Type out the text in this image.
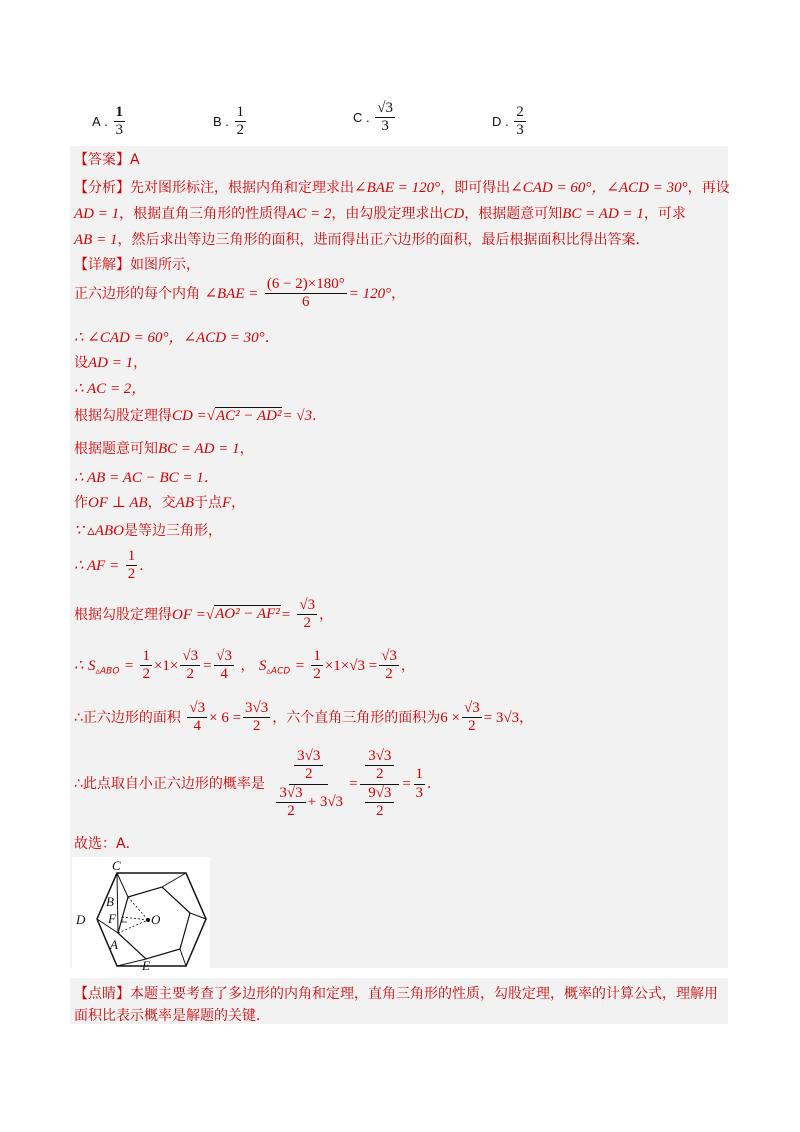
A
.
$\frac{1}{3}$	B
.
$\frac{1}{2}$	C
.
$\frac{√3}{3}$	D
.
$\frac{2}{3}$
【答案】A
【分析】先对图形标注，根据内角和定理求出∠BAE = 120°，即可得出∠CAD = 60°，∠ACD = 30°，再设
AD = 1，根据直角三角形的性质得AC = 2，由勾股定理求出CD，根据题意可知BC = AD = 1，可求
AB = 1，然后求出等边三角形的面积，进而得出正六边形的面积，最后根据面积比得出答案．
【详解】如图所示，
正六边形的每个内角 ∠BAE = $\frac{(6 - 2)\times 180^\circ}{6} = 120^\circ$，
∴ ∠CAD = 60°，∠ACD = 30°．
设AD = 1，
∴ AC = 2，
根据勾股定理得CD = √ AC² − AD² = √3．
根据题意可知BC = AD = 1，
∴ AB = AC − BC = 1．
作OF ⊥ AB，交AB于点F，
∵ ▵ABO是等边三角形，
∴ AF = $\frac{1}{2}$ ．
根据勾股定理得OF = √ $AO^2 - AF^2 = \frac{√3}{2}$ ，
∴ $S_{▵ABO} = \frac{1}{2} \times 1\times \frac{√3}{2} = \frac{√3}{4}$ ， $S_{▵ACD} = \frac{1}{2} \times 1\times√3 = \frac{√3}{2}$ ，
∴正六边形的面积 $\frac{√3}{4} \times 6 = \frac{3√3}{2}$ ，六个直角三角形的面积为$6 \times \frac{√3}{2} = 3√3$，
∴此点取自小正六边形的概率是 $\frac{\frac{3√3}{2}}{\frac{3√3}{2} + 3√3} = \frac{\frac{3√3}{2}}{\frac{9√3}{2}} = \frac{1}{3}$ ．
故选：A．
C
B
F
D	O
A
E
【点睛】本题主要考查了多边形的内角和定理，直角三角形的性质，勾股定理，概率的计算公式，理解用
面积比表示概率是解题的关键．
